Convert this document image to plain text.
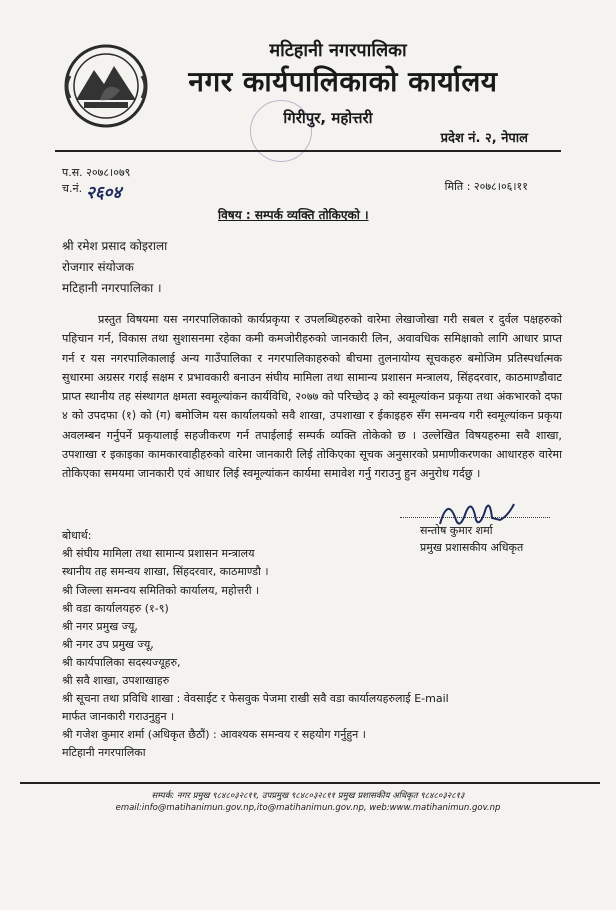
मटिहानी नगरपालिका
नगर कार्यपालिकाको कार्यालय
गिरीपुर, महोत्तरी
प्रदेश नं. २, नेपाल
प.स. २०७८।०७९
च.नं. २६०४	मिति : २०७८।०६।११
विषय : सम्पर्क व्यक्ति तोकिएको ।
श्री रमेश प्रसाद कोइराला
रोजगार संयोजक
मटिहानी नगरपालिका ।
प्रस्तुत विषयमा यस नगरपालिकाको कार्यप्रकृया र उपलब्धिहरुको वारेमा लेखाजोखा गरी सबल र दुर्वल पक्षहरुको पहिचान गर्न, विकास तथा सुशासनमा रहेका कमी कमजोरीहरुको जानकारी लिन, अवावधिक समिक्षाको लागि आधार प्राप्त गर्न र यस नगरपालिकालाई अन्य गाउँपालिका र नगरपालिकाहरुको बीचमा तुलनायोग्य सूचकहरु बमोजिम प्रतिस्पर्धात्मक सुधारमा अग्रसर गराई सक्षम र प्रभावकारी बनाउन संघीय मामिला तथा सामान्य प्रशासन मन्त्रालय, सिंहदरवार, काठमाण्डौवाट प्राप्त स्थानीय तह संस्थागत क्षमता स्वमूल्यांकन कार्यविधि, २०७७ को परिच्छेद ३ को स्वमूल्यांकन प्रकृया तथा अंकभारको दफा ४ को उपदफा (१) को (ग) बमोजिम यस कार्यालयको सवै शाखा, उपशाखा र ईकाइहरु सँग समन्वय गरी स्वमूल्यांकन प्रकृया अवलम्बन गर्नुपर्ने प्रकृयालाई सहजीकरण गर्न तपाईलाई सम्पर्क व्यक्ति तोकेको छ । उल्लेखित विषयहरुमा सवै शाखा, उपशाखा र इकाइका कामकारवाहीहरुको वारेमा जानकारी लिई तोकिएका सूचक अनुसारको प्रमाणीकरणका आधारहरु वारेमा तोकिएका समयमा जानकारी एवं आधार लिई स्वमूल्यांकन कार्यमा समावेश गर्नु गराउनु हुन अनुरोध गर्दछु ।
सन्तोष कुमार शर्मा
प्रमुख प्रशासकीय अधिकृत
बोधार्थ:
श्री संघीय मामिला तथा सामान्य प्रशासन मन्त्रालय
स्थानीय तह समन्वय शाखा, सिंहदरवार, काठमाण्डौ ।
श्री जिल्ला समन्वय समितिको कार्यालय, महोत्तरी ।
श्री वडा कार्यालयहरु (१-९)
श्री नगर प्रमुख ज्यू,
श्री नगर उप प्रमुख ज्यू,
श्री कार्यपालिका सदस्यज्यूहरु,
श्री सवै शाखा, उपशाखाहरु
श्री सूचना तथा प्रविधि शाखा : वेवसाईट र फेसवुक पेजमा राखी सवै वडा कार्यालयहरुलाई E-mail
मार्फत जानकारी गराउनुहुन ।
श्री गजेश कुमार शर्मा (अधिकृत छैठौं) : आवश्यक समन्वय र सहयोग गर्नुहुन ।
मटिहानी नगरपालिका
सम्पर्क: नगर प्रमुख ९८४८०३२८११, उपप्रमुख ९८४८०३२८११ प्रमुख प्रशासकीय अधिकृत ९८४८०३२८१३
email:info@matihanimun.gov.np,ito@matihanimun.gov.np, web:www.matihanimun.gov.np
